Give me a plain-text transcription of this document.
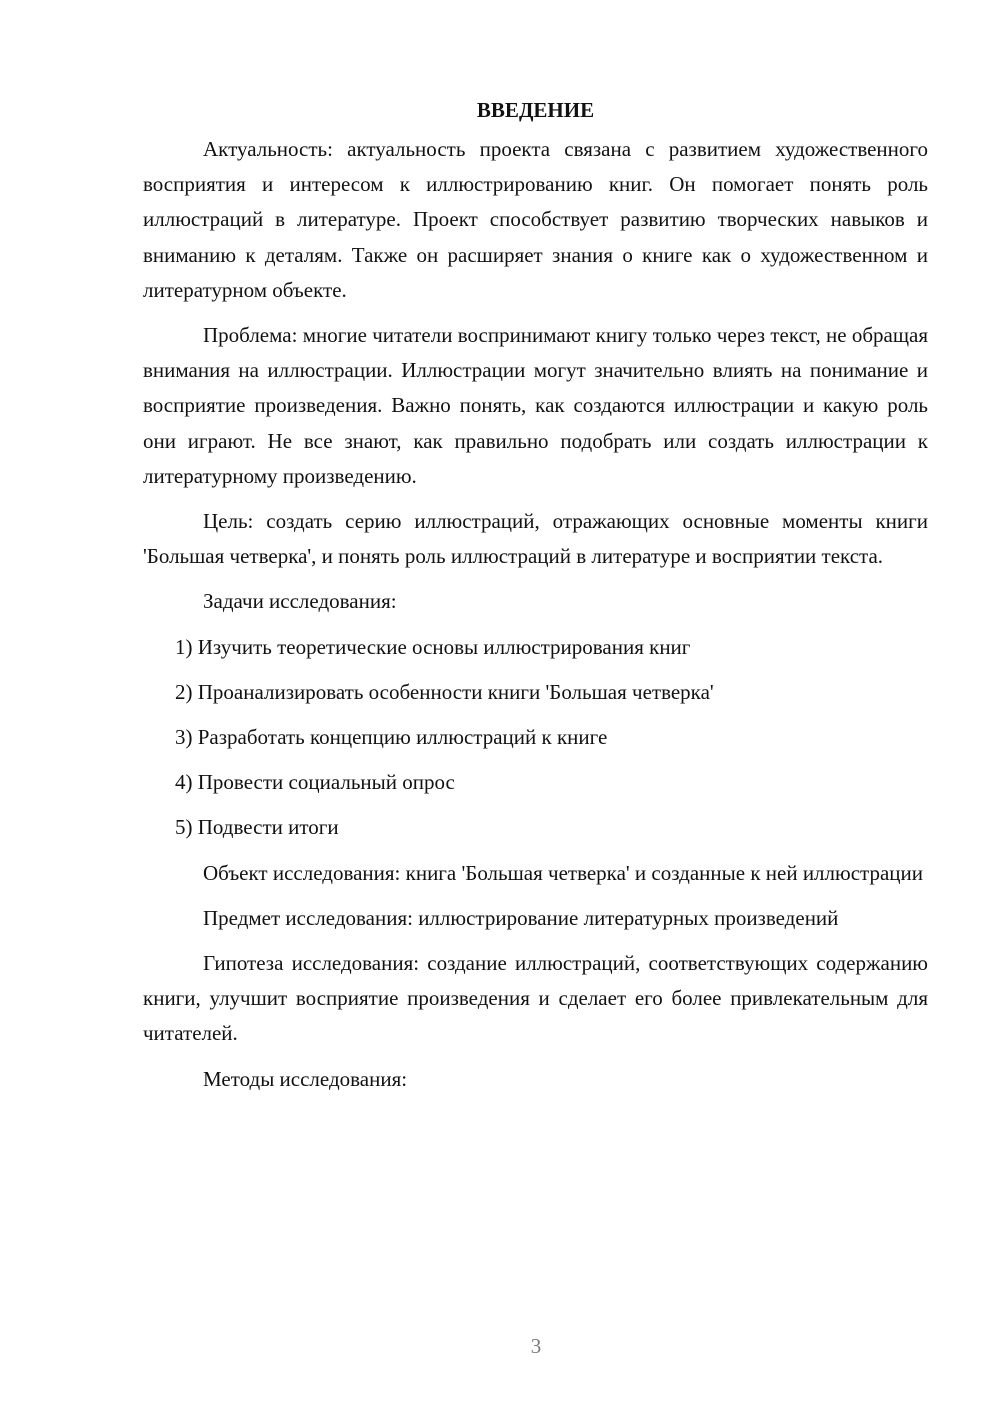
ВВЕДЕНИЕ

Актуальность: актуальность проекта связана с развитием художественного восприятия и интересом к иллюстрированию книг. Он помогает понять роль иллюстраций в литературе. Проект способствует развитию творческих навыков и вниманию к деталям. Также он расширяет знания о книге как о художественном и литературном объекте.

Проблема: многие читатели воспринимают книгу только через текст, не обращая внимания на иллюстрации. Иллюстрации могут значительно влиять на понимание и восприятие произведения. Важно понять, как создаются иллюстрации и какую роль они играют. Не все знают, как правильно подобрать или создать иллюстрации к литературному произведению.

Цель: создать серию иллюстраций, отражающих основные моменты книги 'Большая четверка', и понять роль иллюстраций в литературе и восприятии текста.

Задачи исследования:

1) Изучить теоретические основы иллюстрирования книг
2) Проанализировать особенности книги 'Большая четверка'
3) Разработать концепцию иллюстраций к книге
4) Провести социальный опрос
5) Подвести итоги

Объект исследования: книга 'Большая четверка' и созданные к ней иллюстрации

Предмет исследования: иллюстрирование литературных произведений

Гипотеза исследования: создание иллюстраций, соответствующих содержанию книги, улучшит восприятие произведения и сделает его более привлекательным для читателей.

Методы исследования:

3
